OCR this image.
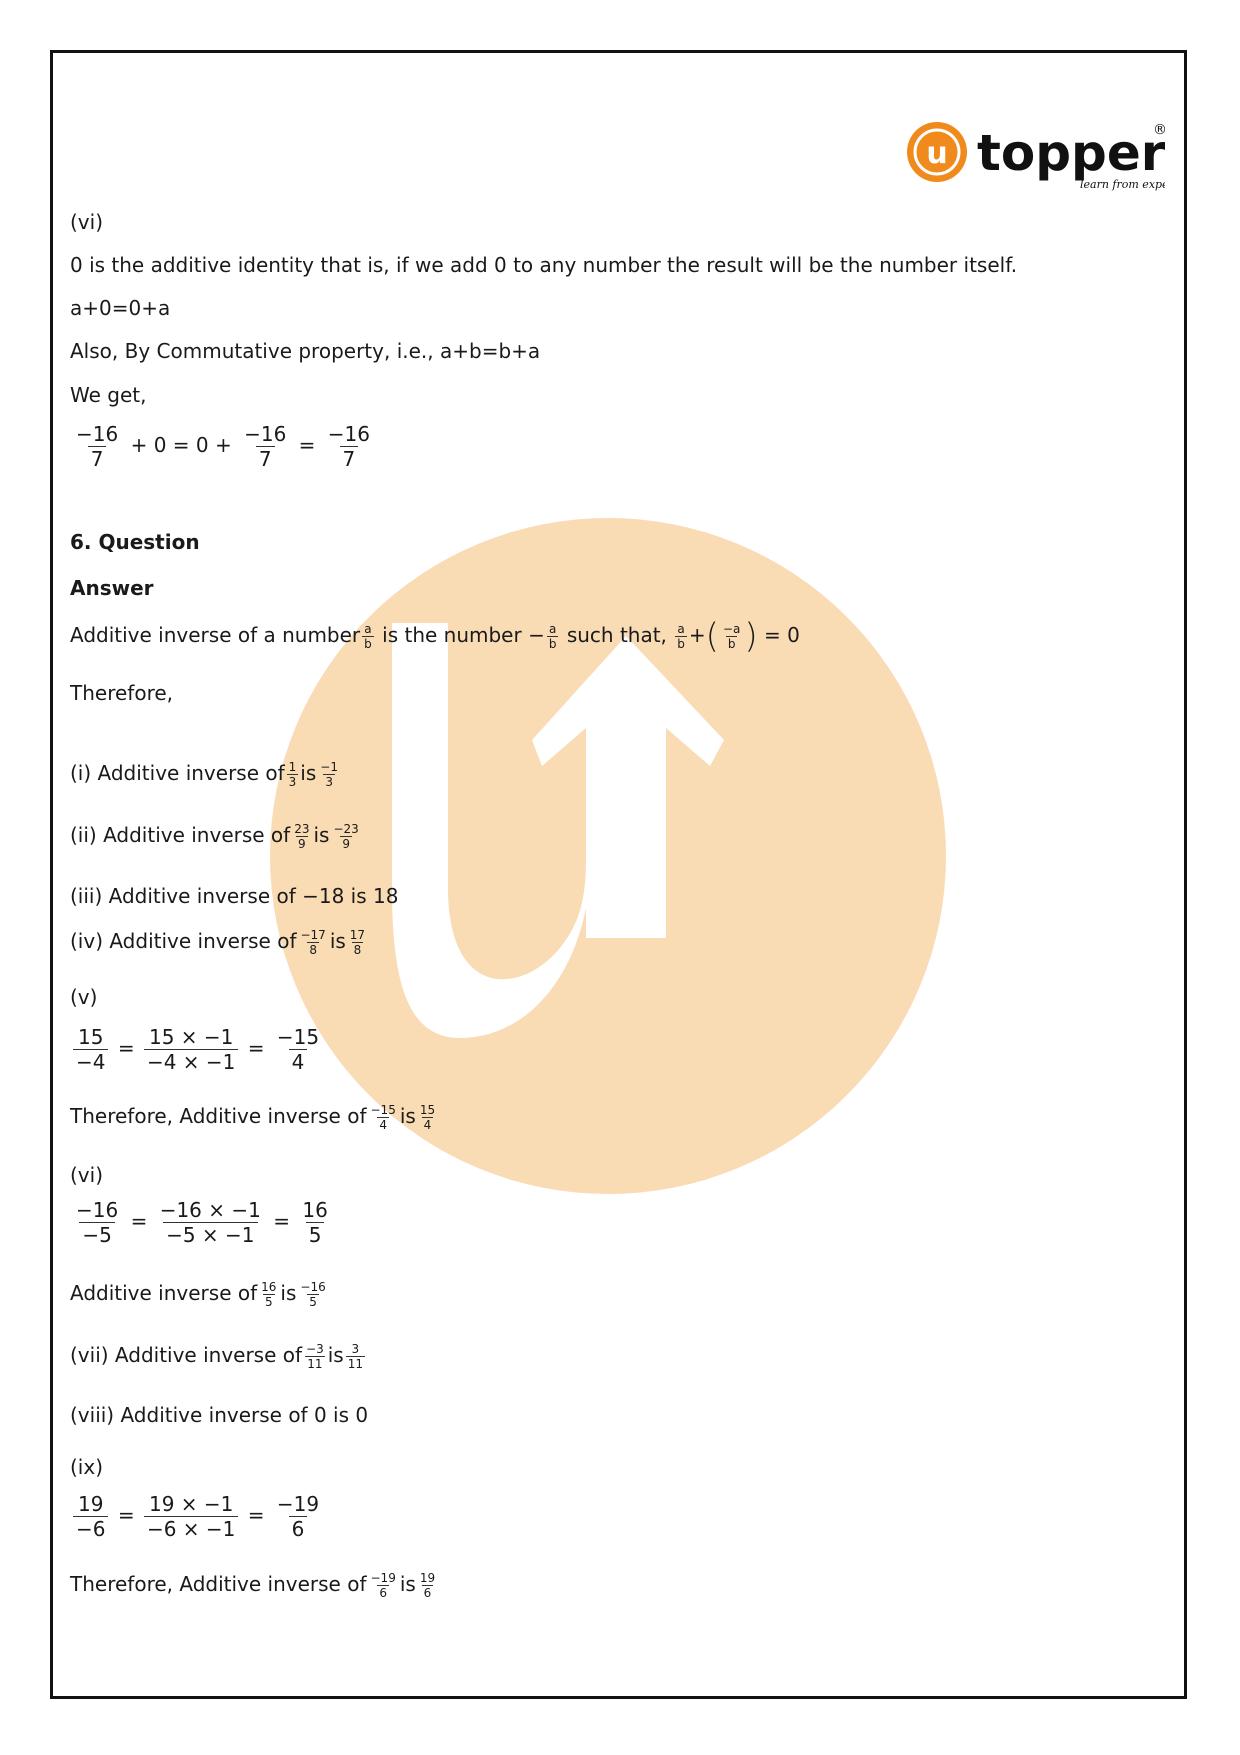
u topper
®
learn from exp
(vi)
0 is the additive identity that is, if we add 0 to any number the result will be the number itself.
a+0=0+a
Also, By Commutative property, i.e., a+b=b+a
We get,
$\frac{-16}{7} + 0 = 0 + \frac{-16}{7} = \frac{-16}{7}$
6. Question
Answer
Additive inverse of a number $\frac{a}{b}$ is the number − $\frac{a}{b}$ such that, $\frac{a}{b}$ +( $\frac{-a}{b}$ ) = 0
Therefore,
(i) Additive inverse of $\frac{1}{3}$ is $\frac{-1}{3}$
(ii) Additive inverse of $\frac{23}{9}$ is $\frac{-23}{9}$
(iii) Additive inverse of −18 is 18
(iv) Additive inverse of $\frac{-17}{8}$ is $\frac{17}{8}$
(v)
$\frac{15}{-4} = \frac{15 \times -1}{-4 \times -1} = \frac{-15}{4}$
Therefore, Additive inverse of $\frac{-15}{4}$ is $\frac{15}{4}$
(vi)
$\frac{-16}{-5} = \frac{-16 \times -1}{-5 \times -1} = \frac{16}{5}$
Additive inverse of $\frac{16}{5}$ is $\frac{-16}{5}$
(vii) Additive inverse of $\frac{-3}{11}$ is $\frac{3}{11}$
(viii) Additive inverse of 0 is 0
(ix)
$\frac{19}{-6} = \frac{19 \times -1}{-6 \times -1} = \frac{-19}{6}$
Therefore, Additive inverse of $\frac{-19}{6}$ is $\frac{19}{6}$
